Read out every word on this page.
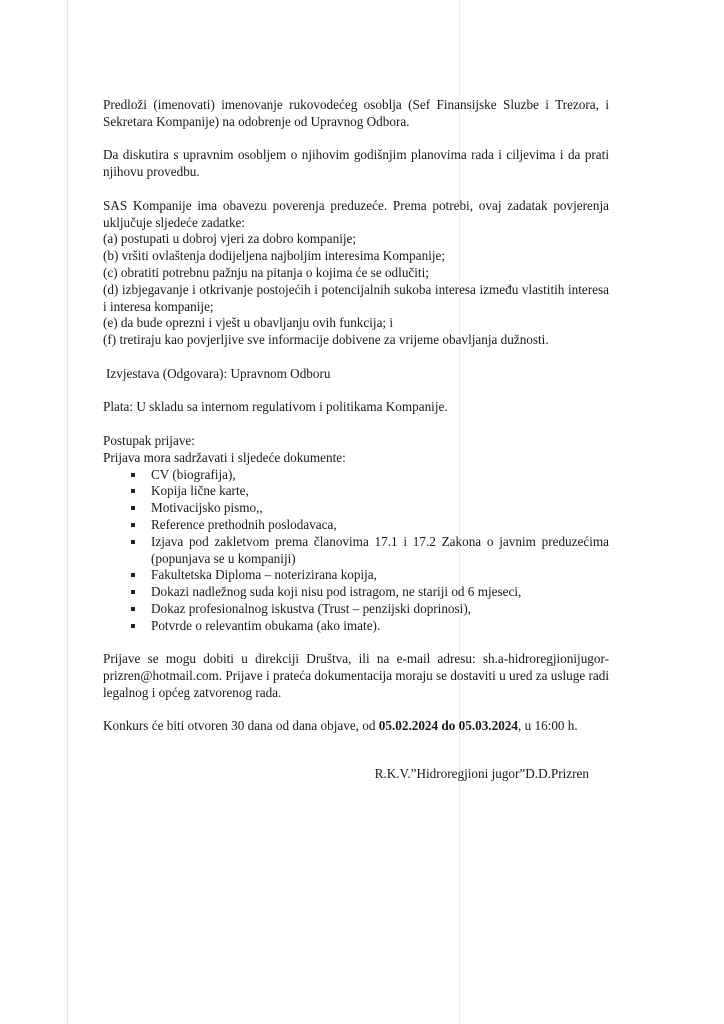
Predloži (imenovati) imenovanje rukovodećeg osoblja (Sef Finansijske Sluzbe i Trezora, i Sekretara Kompanije) na odobrenje od Upravnog Odbora.

Da diskutira s upravnim osobljem o njihovim godišnjim planovima rada i ciljevima i da prati njihovu provedbu.

SAS Kompanije ima obavezu poverenja preduzeće. Prema potrebi, ovaj zadatak povjerenja uključuje sljedeće zadatke:

(a) postupati u dobroj vjeri za dobro kompanije;

(b) vršiti ovlaštenja dodijeljena najboljim interesima Kompanije;

(c) obratiti potrebnu pažnju na pitanja o kojima će se odlučiti;

(d) izbjegavanje i otkrivanje postojećih i potencijalnih sukoba interesa između vlastitih interesa i interesa kompanije;

(e) da bude oprezni i vješt u obavljanju ovih funkcija; i

(f) tretiraju kao povjerljive sve informacije dobivene za vrijeme obavljanja dužnosti.

Izvjestava (Odgovara): Upravnom Odboru

Plata: U skladu sa internom regulativom i politikama Kompanije.

Postupak prijave:

Prijava mora sadržavati i sljedeće dokumente:

CV (biografija),
Kopija lične karte,
Motivacijsko pismo,,
Reference prethodnih poslodavaca,
Izjava pod zakletvom prema članovima 17.1 i 17.2 Zakona o javnim preduzećima (popunjava se u kompaniji)
Fakultetska Diploma – noterizirana kopija,
Dokazi nadležnog suda koji nisu pod istragom, ne stariji od 6 mjeseci,
Dokaz profesionalnog iskustva (Trust – penzijski doprinosi),
Potvrde o relevantim obukama (ako imate).

Prijave se mogu dobiti u direkciji Društva, ili na e-mail adresu: sh.a-hidroregjionijugor-prizren@hotmail.com. Prijave i prateća dokumentacija moraju se dostaviti u ured za usluge radi legalnog i općeg zatvorenog rada.

Konkurs će biti otvoren 30 dana od dana objave, od 05.02.2024 do 05.03.2024, u 16:00 h.

R.K.V.”Hidroregjioni jugor”D.D.Prizren
